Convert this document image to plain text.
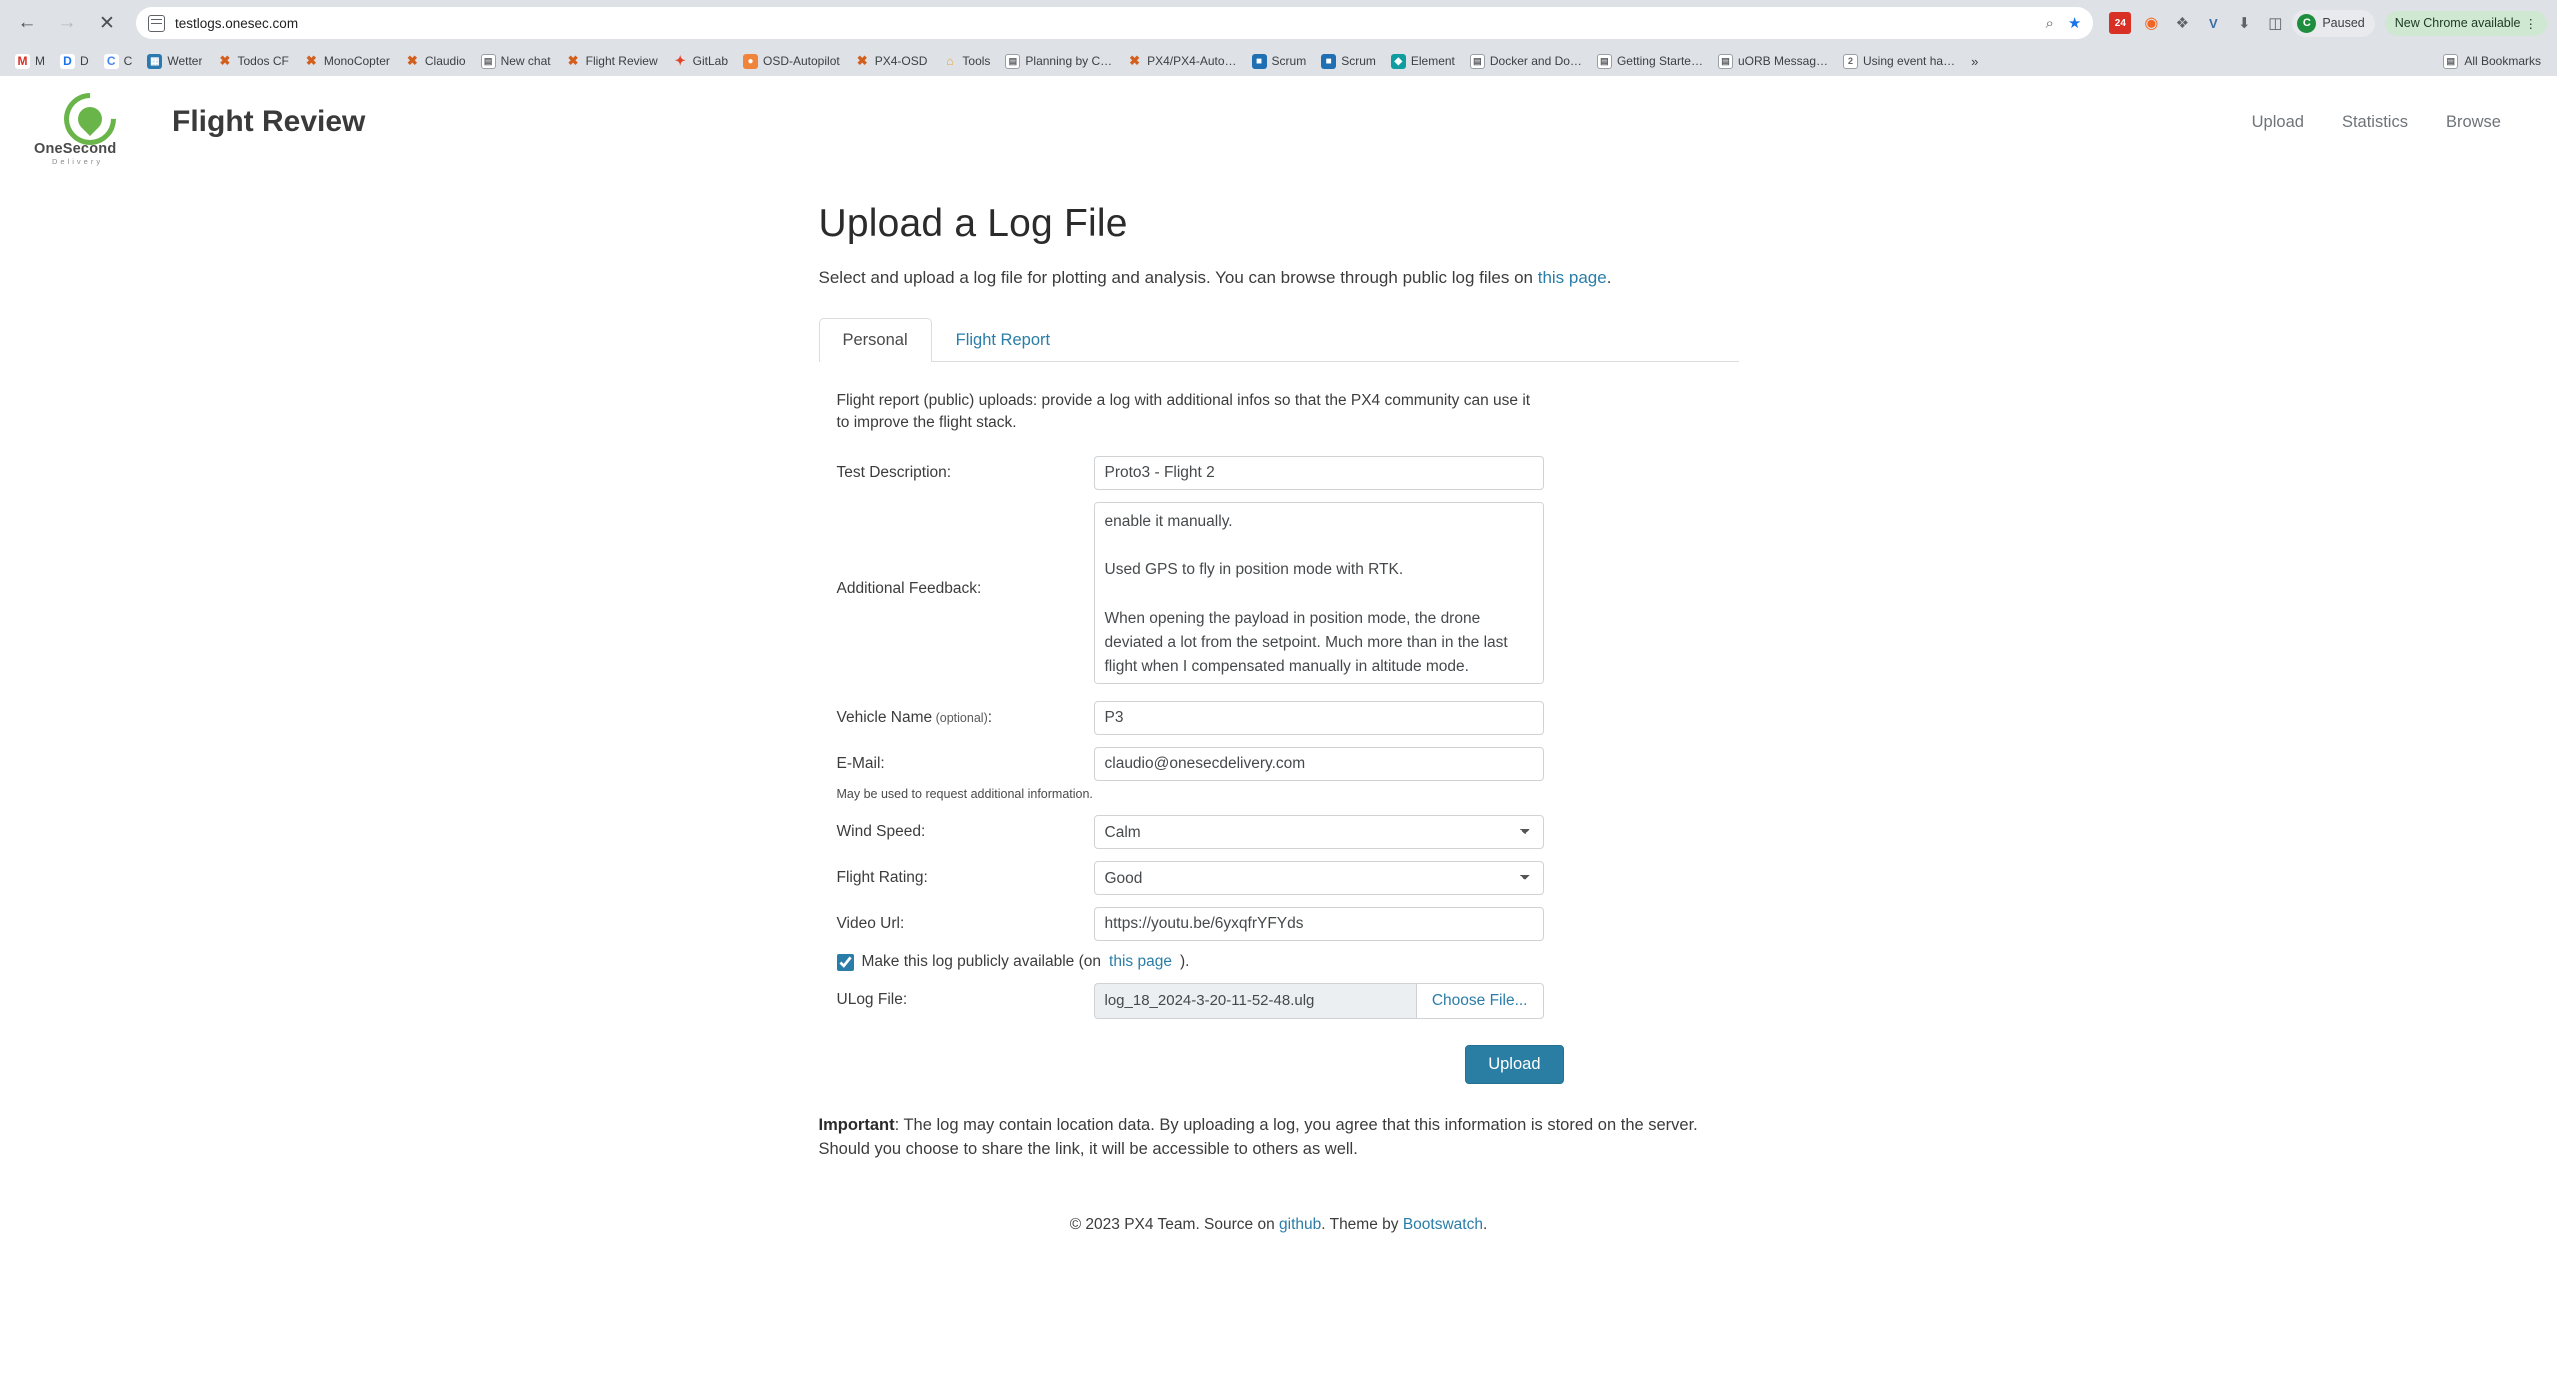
←	→	✕	testlogs.onesec.com	⌕ ★	24	◉ ❖	V	⬇	◫	C Paused New Chrome available ⋮
M M D D C C ▦ Wetter ✖ Todos CF ✖ MonoCopter ✖ Claudio	▤ New chat ✖ Flight Review ✦ GitLab	● OSD-Autopilot ✖ PX4-OSD	⌂ Tools	▤ Planning by C… ✖ PX4/PX4-Auto…	■ Scrum	■ Scrum	◆ Element	▤ Docker and Do…	▤ Getting Starte…	▤ uORB Messag…	2 Using event ha…	»	▤ All Bookmarks
OneSecond
Delivery
Flight Review	Upload Statistics Browse
Upload a Log File
Select and upload a log file for plotting and analysis. You can browse through public log files on this page.
Personal	Flight Report
Flight report (public) uploads: provide a log with additional infos so that the PX4 community can use it to improve the flight stack.
Test Description:
Proto3 - Flight 2
Additional Feedback:
enable it manually. Used GPS to fly in position mode with RTK. When opening the payload in position mode, the drone deviated a lot from the setpoint. Much more than in the last flight when I compensated manually in altitude mode. When yawing we yaw around a wing instead of around the central axis.
Vehicle Name (optional):
P3
E-Mail:
claudio@onesecdelivery.com
May be used to request additional information.
Wind Speed:
Calm
Flight Rating:
Good
Video Url:
https://youtu.be/6yxqfrYFYds
Make this log publicly available (on this page ).
ULog File:	log_18_2024-3-20-11-52-48.ulg	Choose File...
Upload
Important: The log may contain location data. By uploading a log, you agree that this information is stored on the server. Should you choose to share the link, it will be accessible to others as well.
© 2023 PX4 Team. Source on github. Theme by Bootswatch.
